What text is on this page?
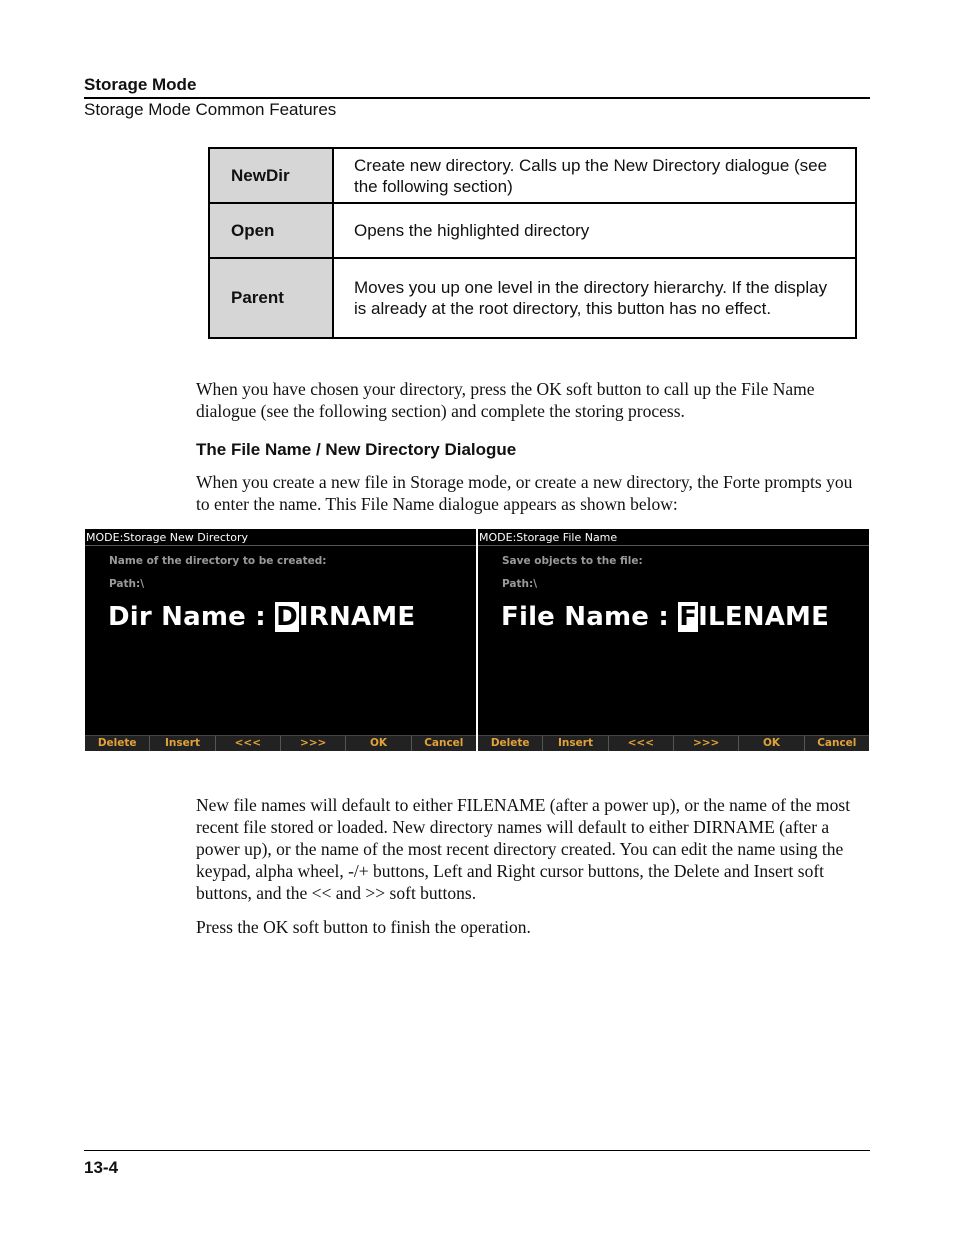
Storage Mode
Storage Mode Common Features
NewDir	Create new directory. Calls up the New Directory dialogue (see the following section)
Open	Opens the highlighted directory
Parent	Moves you up one level in the directory hierarchy. If the display is already at the root directory, this button has no effect.
When you have chosen your directory, press the OK soft button to call up the File Name dialogue (see the following section) and complete the storing process.
The File Name / New Directory Dialogue
When you create a new file in Storage mode, or create a new directory, the Forte prompts you to enter the name. This File Name dialogue appears as shown below:
MODE:Storage New Directory
Name of the directory to be created:
Path:\
Dir Name : DIRNAME
Delete	Insert	<<<	>>>	OK	Cancel
MODE:Storage File Name
Save objects to the file:
Path:\
File Name : FILENAME
Delete	Insert	<<<	>>>	OK	Cancel
New file names will default to either FILENAME (after a power up), or the name of the most recent file stored or loaded. New directory names will default to either DIRNAME (after a power up), or the name of the most recent directory created. You can edit the name using the keypad, alpha wheel, -/+ buttons, Left and Right cursor buttons, the Delete and Insert soft buttons, and the << and >> soft buttons.
Press the OK soft button to finish the operation.
13-4
